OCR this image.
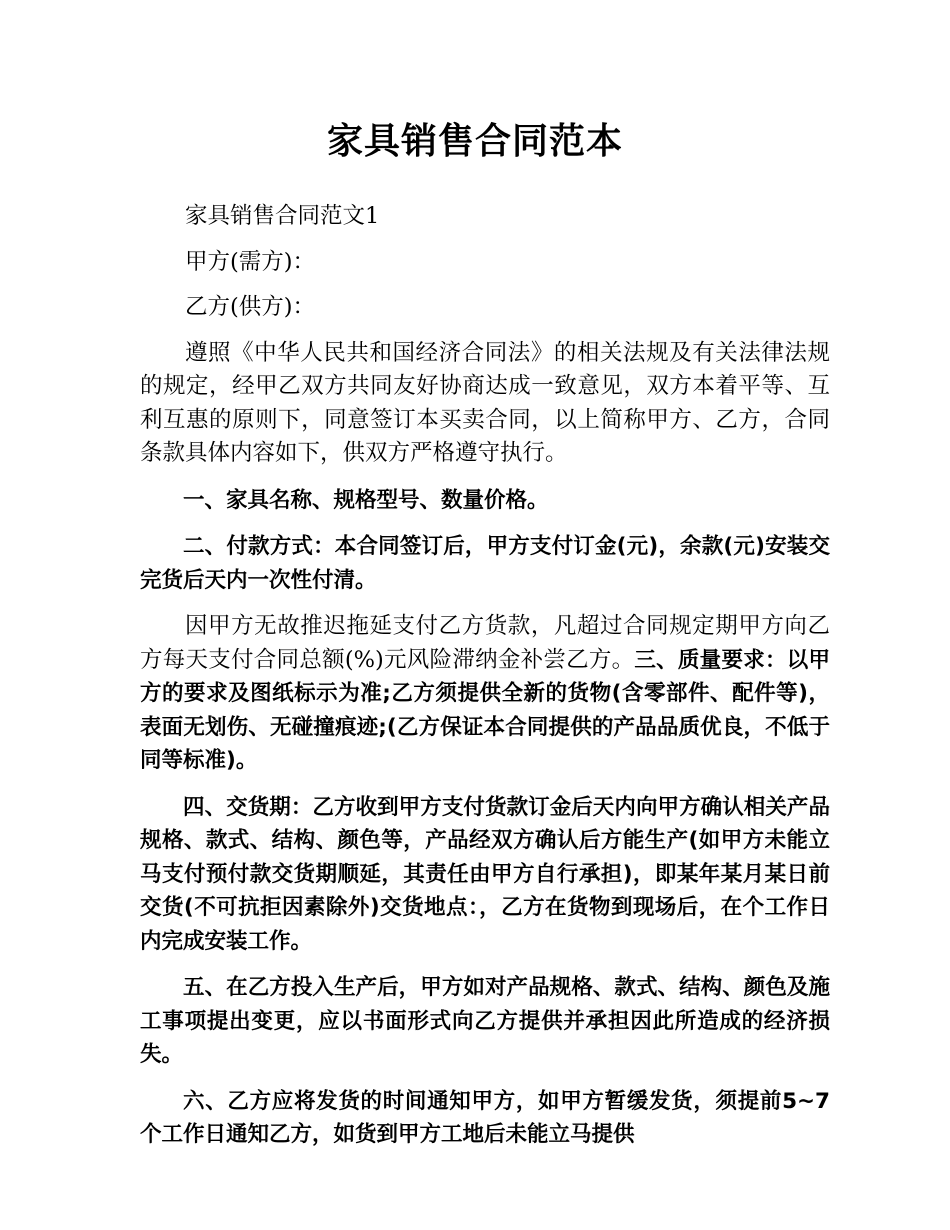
家具销售合同范本

家具销售合同范文1

甲方(需方)：

乙方(供方)：

遵照《中华人民共和国经济合同法》的相关法规及有关法律法规的规定，经甲乙双方共同友好协商达成一致意见，双方本着平等、互利互惠的原则下，同意签订本买卖合同，以上简称甲方、乙方，合同条款具体内容如下，供双方严格遵守执行。

一、家具名称、规格型号、数量价格。

二、付款方式：本合同签订后，甲方支付订金(元)，余款(元)安装交完货后天内一次性付清。

因甲方无故推迟拖延支付乙方货款，凡超过合同规定期甲方向乙方每天支付合同总额(%)元风险滞纳金补尝乙方。三、质量要求：以甲方的要求及图纸标示为准;乙方须提供全新的货物(含零部件、配件等)，表面无划伤、无碰撞痕迹;(乙方保证本合同提供的产品品质优良，不低于同等标准)。

四、交货期：乙方收到甲方支付货款订金后天内向甲方确认相关产品规格、款式、结构、颜色等，产品经双方确认后方能生产(如甲方未能立马支付预付款交货期顺延，其责任由甲方自行承担)，即某年某月某日前交货(不可抗拒因素除外)交货地点：，乙方在货物到现场后，在个工作日内完成安装工作。

五、在乙方投入生产后，甲方如对产品规格、款式、结构、颜色及施工事项提出变更，应以书面形式向乙方提供并承担因此所造成的经济损失。

六、乙方应将发货的时间通知甲方，如甲方暂缓发货，须提前5~7个工作日通知乙方，如货到甲方工地后未能立马提供
